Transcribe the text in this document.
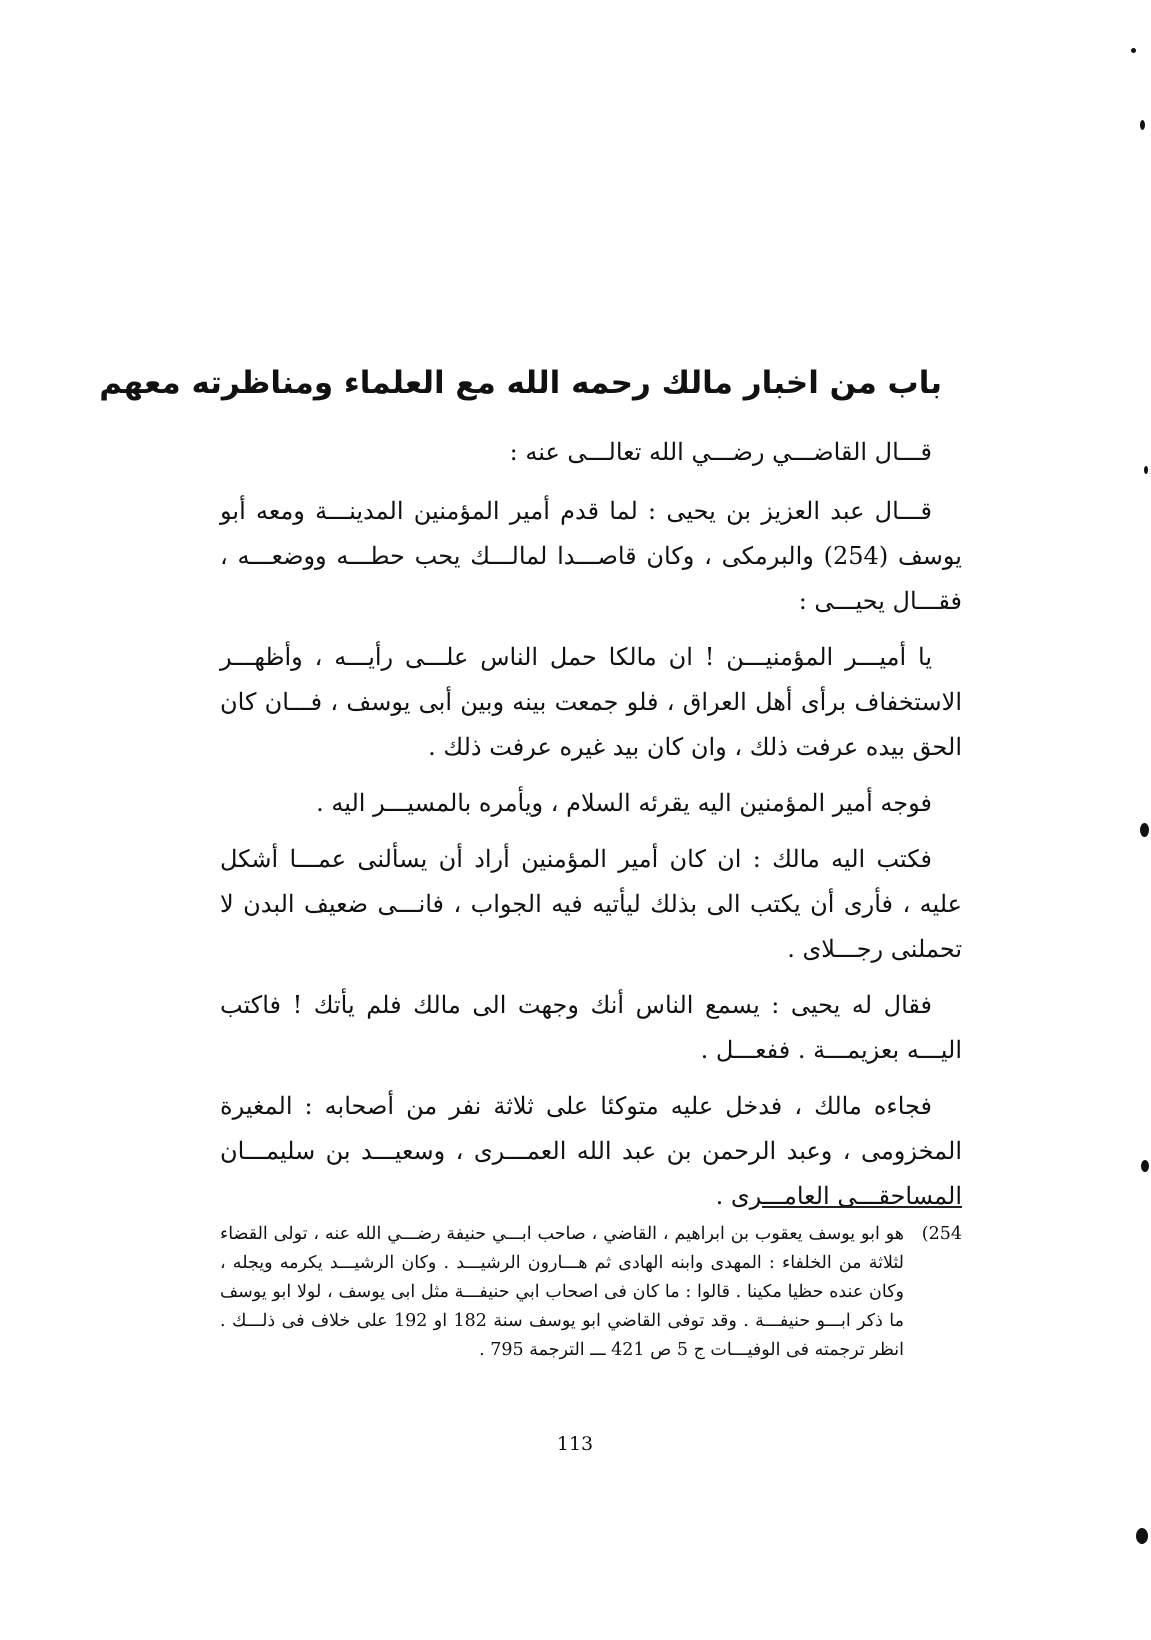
باب من اخبار مالك رحمه الله مع العلماء ومناظرته معهم

قـــال القاضـــي رضـــي الله تعالـــى عنه :

قـــال عبد العزيز بن يحيى : لما قدم أمير المؤمنين المدينـــة ومعه أبو يوسف (254) والبرمكى ، وكان قاصـــدا لمالـــك يحب حطـــه ووضعـــه ، فقـــال يحيـــى :

يا أميـــر المؤمنيـــن ! ان مالكا حمل الناس علـــى رأيـــه ، وأظهـــر الاستخفاف برأى أهل العراق ، فلو جمعت بينه وبين أبى يوسف ، فـــان كان الحق بيده عرفت ذلك ، وان كان بيد غيره عرفت ذلك .

فوجه أمير المؤمنين اليه يقرئه السلام ، ويأمره بالمسيـــر اليه .

فكتب اليه مالك : ان كان أمير المؤمنين أراد أن يسألنى عمـــا أشكل عليه ، فأرى أن يكتب الى بذلك ليأتيه فيه الجواب ، فانـــى ضعيف البدن لا تحملنى رجـــلاى .

فقال له يحيى : يسمع الناس أنك وجهت الى مالك فلم يأتك ! فاكتب اليـــه بعزيمـــة . ففعـــل .

فجاءه مالك ، فدخل عليه متوكئا على ثلاثة نفر من أصحابه : المغيرة المخزومى ، وعبد الرحمن بن عبد الله العمـــرى ، وسعيـــد بن سليمـــان المساحقـــى العامـــرى .

(254
هو ابو يوسف يعقوب بن ابراهيم ، القاضي ، صاحب ابـــي حنيفة رضـــي الله عنه ، تولى القضاء لثلاثة من الخلفاء : المهدى وابنه الهادى ثم هـــارون الرشيـــد . وكان الرشيـــد يكرمه ويجله ، وكان عنده حظيا مكينا . قالوا : ما كان فى اصحاب ابي حنيفـــة مثل ابى يوسف ، لولا ابو يوسف ما ذكر ابـــو حنيفـــة . وقد توفى القاضي ابو يوسف سنة 182 او 192 على خلاف فى ذلـــك . انظر ترجمته فى الوفيـــات ج 5 ص 421 ـــ الترجمة 795 .
113
